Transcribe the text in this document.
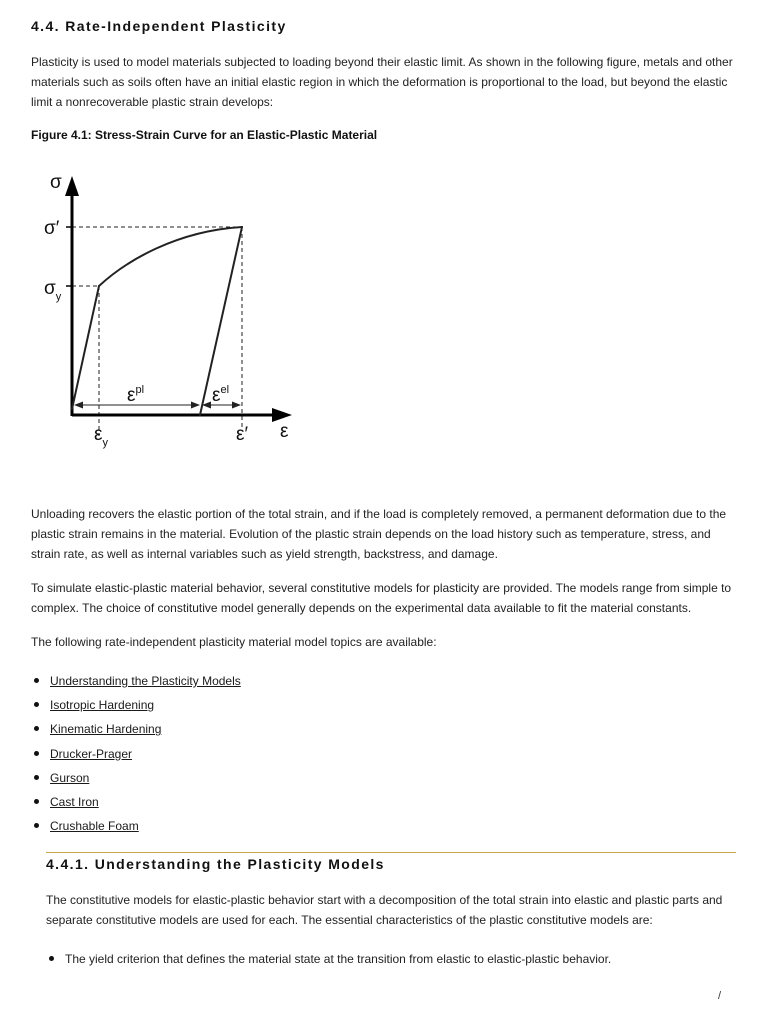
4.4. Rate-Independent Plasticity

Plasticity is used to model materials subjected to loading beyond their elastic limit. As shown in the following figure, metals and other materials such as soils often have an initial elastic region in which the deformation is proportional to the load, but beyond the elastic limit a nonrecoverable plastic strain develops:

Figure 4.1: Stress-Strain Curve for an Elastic-Plastic Material
σ
σ′
$\sigma_y$
$\varepsilon^{pl}$	$\varepsilon^{el}$
$\varepsilon_y$	ε′ ε

Unloading recovers the elastic portion of the total strain, and if the load is completely removed, a permanent deformation due to the plastic strain remains in the material. Evolution of the plastic strain depends on the load history such as temperature, stress, and strain rate, as well as internal variables such as yield strength, backstress, and damage.

To simulate elastic-plastic material behavior, several constitutive models for plasticity are provided. The models range from simple to complex. The choice of constitutive model generally depends on the experimental data available to fit the material constants.

The following rate-independent plasticity material model topics are available:

Understanding the Plasticity Models
Isotropic Hardening
Kinematic Hardening
Drucker-Prager
Gurson
Cast Iron
Crushable Foam
4.4.1. Understanding the Plasticity Models

The constitutive models for elastic-plastic behavior start with a decomposition of the total strain into elastic and plastic parts and separate constitutive models are used for each. The essential characteristics of the plastic constitutive models are:

The yield criterion that defines the material state at the transition from elastic to elastic-plastic behavior.
/
